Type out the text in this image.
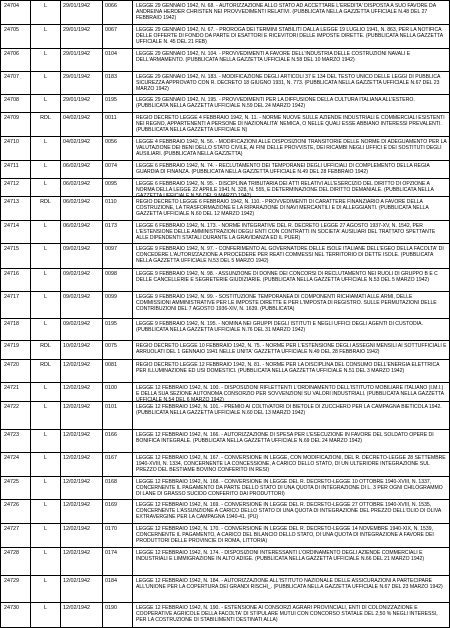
24704	L	29/01/1942	0066	LEGGE 29 GENNAIO 1942, N. 68. - AUTORIZZAZIONE ALLO STATO AD ACCETTARE L'EREDITA' DISPOSTA A SUO FAVORE DA ANDREINA HERDER CHRISTEN NEI PROVVEDIMENTI RELATIVI. (PUBBLICATA NELLA GAZZETTA UFFICIALE N.48 DEL 27 FEBBRAIO 1942)
24705	L	29/01/1942	0067	LEGGE 29 GENNAIO 1942, N. 67. - PROROGA DEI TERMINI STABILITI DALLA LEGGE 19 LUGLIO 1941, N. 863, PER LA NOTIFICA DELLE OFFERTE DI FONDO DA PARTE DI ESATTORI E RICEVITORI DELLE IMPOSTE DIRETTE. (PUBBLICATA NELLA GAZZETTA UFFICIALE N. 45 DEL 21 FEB)
24706	L	29/01/1942	0104	LEGGE 29 GENNAIO 1942, N. 104. - PROVVEDIMENTI A FAVORE DELL'INDUSTRIA DELLE COSTRUZIONI NAVALI E DELL'ARMAMENTO. (PUBBLICATA NELLA GAZZETTA UFFICIALE N.58 DEL 10 MARZO 1942)
24707	L	29/01/1942	0183	LEGGE 29 GENNAIO 1942, N. 183. - MODIFICAZIONE DEGLI ARTICOLI 37 E 134 DEL TESTO UNICO DELLE LEGGI DI PUBBLICA SICUREZZA APPROVATO CON R. DECRETO 18 GIUGNO 1931, N. 773. (PUBBLICATA NELLA GAZZETTA UFFICIALE N.67 DEL 23 MARZO 1942)
24708	L	29/01/1942	0195	LEGGE 29 GENNAIO 1942, N. 195. - PROVVEDIMENTI PER LA DIFFUSIONE DELLA CULTURA ITALIANA ALL'ESTERO. (PUBBLICATA NELLA GAZZETTA UFFICIALE N.59 DEL 24 MARZO 1942)
24709	RDL	04/02/1942	0011	REGIO DECRETO LEGGE 4 FEBBRAIO 1942, N. 11. - NORME NUOVE SULLE AZIENDE INDUSTRIALI E COMMERCIALI ESISTENTI NEI REGNO, APPARTENENTI A PERSONE DI NAZIONALITA' NEMICA, O NELLE QUALI ESSE ABBIANO INTERESSI PREVALENTI. (PUBBLICATA NELLA GAZZETTA UFFICIALE N)
24710	L	04/02/1942	0056	LEGGE 4 FEBBRAIO 1942, N. 56. - MODIFICAZIONI ALLE DISPOSIZIONI TRANSITORIE DELLE NORME DI ADEGUAMENTO PER LA VALUTAZIONE DEI BENI DELLO STATO CIVILE, AI FINI DELLE PROVVISTE, DEI RICAMBI NEGLI UFFICI E DEI SOSTITUTI DEGLI AUSILIARI. (PUBBLICATA NELLA GAZZETTA)
24711	L	06/02/1942	0074	LEGGE 6 FEBBRAIO 1942, N. 74. - RECLUTAMENTO DEI TEMPORANEI DEGLI UFFICIALI DI COMPLEMENTO DELLA REGIA GUARDIA DI FINANZA. (PUBBLICATA NELLA GAZZETTA UFFICIALE N.49 DEL 28 FEBBRAIO 1942)
24712	L	06/02/1942	0095	LEGGE 6 FEBBRAIO 1942, N. 95. - DISCIPLINA TRIBUTARIA DEI ATTI RELATIVI ALL'ESERCIZIO DEL DIRITTO DI OPZIONE A NORMA DELLA LEGGE 22 APRILE 1941 N. 328, N. 555, E DETERMINAZIONE DEL DIRITTO DEMANIALE. (PUBBLICATA NELLA GAZZETTA UFFICIALE N.56 DEL 9 MARZO 1942)
24713	RDL	06/02/1942	0110	REGIO DECRETO LEGGE 6 FEBBRAIO 1942, N. 110. - PROVVEDIMENTI DI CARATTERE FINANZIARIO A FAVORE DELLA COSTRUZIONE, LA TRASFORMAZIONE E LA RIPARAZIONE DI NAVI MERCANTILI E DI ALLEGGIANTI. (PUBBLICATA NELLA GAZZETTA UFFICIALE N.60 DEL 12 MARZO 1942)
24714	L	06/02/1942	0173	LEGGE 6 FEBBRAIO 1942, N. 173. - NORME INTEGRATIVE DEL R. DECRETO LEGGE 27 AGOSTO 1937-XV, N. 1542, PER L'ESTENSIONE DELLE AMMINISTRAZIONI DEGLI ENTI CON CONTRATTI IN SOCIETA' AUSILIARI DEL TRATTATO SPETTANTE ALLE DIPENDENTI STATALI DURANTE LA GRAVIDANZA ED IL PUER)
24715	L	09/02/1942	0097	LEGGE 9 FEBBRAIO 1942, N. 97. - CONFERIMENTO AL GOVERNATORE DELLE ISOLE ITALIANE DELL'EGEO DELLA FACOLTA' DI CONCEDERE L'AUTORIZZAZIONE A PROCEDERE PER REATI COMMESSI NEL TERRITORIO DI DETTE ISOLE. (PUBBLICATA NELLA GAZZETTA UFFICIALE N.53 DEL 5 MARZO 1942)
24716	L	09/02/1942	0098	LEGGE 9 FEBBRAIO 1942, N. 98. - ASSUNZIONE DI DONNE DEI CONCORSI DI RECLUTAMENTO NEI RUOLI DI GRUPPO B E C DELLE CANCELLERIE E SEGRETERIE GIUDIZIARIE. (PUBBLICATA NELLA GAZZETTA UFFICIALE N.53 DEL 5 MARZO 1942)
24717	L	09/02/1942	0099	LEGGE 9 FEBBRAIO 1942, N. 99. - SOSTITUZIONE TEMPORANEA DI COMPONENTI RICHIAMATI ALLE ARMI, DELLE COMMISSIONI AMMINISTRATIVE PER LE IMPOSTE DIRETTE E PER L'IMPOSTA DI REGISTRO. SULLE PERMUTAZIONI DELLE CONTRIBUZIONI DEL 7 AGOSTO 1936-XIV, N. 1639. (PUBBLICATA)
24718	L	09/02/1942	0195	LEGGE 9 FEBBRAIO 1942, N. 195. - NOMINA NEI GRUPPI DEGLI ISTITUTI E NEGLI UFFICI DEGLI AGENTI DI CUSTODIA. (PUBBLICATA NELLA GAZZETTA UFFICIALE N.76 DEL 31 MARZO 1942)
24719	RDL	10/02/1942	0075	REGIO DECRETO LEGGE 10 FEBBRAIO 1942, N. 75. - NORME PER L'ESTENSIONE DEGLI ASSEGNI MENSILI AI SOTTUFFICIALI E ARRUOLATI DEL 1 GENNAIO 1941 NELLE UNITA' GAZZETTA UFFICIALE N.49 DEL 28 FEBBRAIO 1942)
24720	RDL	12/02/1942	0081	REGIO DECRETO LEGGE 12 FEBBRAIO 1942, N. 81. - NORME PER LA DISCIPLINA DEL CONSUMO DELL'ENERGIA ELETTRICA PER ILLUMINAZIONE ED USI DOMESTICI. (PUBBLICATA NELLA GAZZETTA UFFICIALE N.51 DEL 3 MARZO 1942)
24721	L	12/02/1942	0100	LEGGE 12 FEBBRAIO 1942, N. 100. - DISPOSIZIONI RIFLETTENTI L'ORDINAMENTO DELL'ISTITUTO MOBILIARE ITALIANO (I.M.I.) E DELLA SUA SEZIONE AUTONOMA CONSORZIO PER SOVVENZIONI SU VALORI INDUSTRIALI. (PUBBLICATA NELLA GAZZETTA UFFICIALE N.54 DEL 6 MARZO 1942)
24722	L	12/02/1942	0101	LEGGE 12 FEBBRAIO 1942, N. 101. - PREMIO AI COLTIVATORI DI BIETOLE DI ZUCCHERO PER LA CAMPAGNA BIETICOLA 1942. (PUBBLICATA NELLA GAZZETTA UFFICIALE N.60 DEL 13 MARZO 1942)
24723	L	12/02/1942	0166	LEGGE 12 FEBBRAIO 1942, N. 166. - AUTORIZZAZIONE DI SPESA PER L'ESECUZIONE IN FAVORE DEL SOLDATO OPERE DI BONIFICA INTEGRALE. (PUBBLICATA NELLA GAZZETTA UFFICIALE N.69 DEL 24 MARZO 1942)
24724	L	12/02/1942	0167	LEGGE 12 FEBBRAIO 1942, N. 167. - CONVERSIONE IN LEGGE, CON MODIFICAZIONI, DEL R. DECRETO-LEGGE 28 SETTEMBRE 1940-XVIII, N. 1334, CONCERNENTE LA CONCESSIONE, A CARICO DELLO STATO, DI UN ULTERIORE INTEGRAZIONE SUL PREZZO DEL BESTIAME BOVINO CONFERITO IN RESI)
24725	L	12/02/1942	0168	LEGGE 12 FEBBRAIO 1942, N. 168. - CONVERSIONE IN LEGGE DEL R. DECRETO-LEGGE 10 OTTOBRE 1940-XVIII, N. 1337, CONCERNENTE IL PAGAMENTO DA PARTE DELLO STATO DI UNA QUOTA DI INTEGRAZIONE DI L. 3 PER OGNI CHILOGRAMMO DI LANE DI GRASSO SUCIDO CONFERITO DAI PRODUTTORI)
24726	L	12/02/1942	0169	LEGGE 12 FEBBRAIO 1942, N. 169. - CONVERSIONE IN LEGGE DEL R. DECRETO-LEGGE 27 OTTOBRE 1940-XVIII, N. 1535, CONCERNENTE L'ASSUNZIONE A CARICO DELLO STATO DI UNA QUOTA DI INTEGRAZIONE DEL PREZZO DELL'OLIO DI OLIVA EXTRAVERGINE PER LA CAMPAGNA 1940-41. (PU)
24727	L	12/02/1942	0170	LEGGE 12 FEBBRAIO 1942, N. 170. - CONVERSIONE IN LEGGE DEL R. DECRETO-LEGGE 14 NOVEMBRE 1940-XIX, N. 1539, CONCERNENTE IL PAGAMENTO, A CARICO DEL BILANCIO DELLO STATO, DI UNA QUOTA DI INTEGRAZIONE A FAVORE DEI PRODUTTORI DELLE PROVINCIE DI ROMA, LITTORIA)
24728	L	12/02/1942	0174	LEGGE 12 FEBBRAIO 1942, N. 174. - DISPOSIZIONI INTERESSANTI L'ORDINAMENTO DEGLI AZIENDE COMMERCIALI E INDUSTRIALI E LIMMIGRAZIONE IN ALTO ADIGE. (PUBBLICATA NELLA GAZZETTA UFFICIALE N.66 DEL 21 MARZO 1942)
24729	L	12/02/1942	0184	LEGGE 12 FEBBRAIO 1942, N. 184. - AUTORIZZAZIONE ALL'ISTITUTO NAZIONALE DELLE ASSICURAZIONI A PARTECIPARE ALL'UNIONE PER LA COPERTURA DEI GRANDI RISCHI_. (PUBBLICATA NELLA GAZZETTA UFFICIALE N.67 DEL 23 MARZO 1942)
24730	L	12/02/1942	0190	LEGGE 12 FEBBRAIO 1942, N. 190. - ESTENSIONE AI CONSORZI AGRARI PROVINCIALI, ENTI DI COLONIZZAZIONE E COOPERATIVE AGRICOLE DELLA FACOLTA' DI STIPULARE MUTUI CON CONCORSO STATALE DEL 2,50 % NEGLI INTERESSI, PER LA COSTRUZIONE DI STABILIMENTI DESTINATI ALLA)
